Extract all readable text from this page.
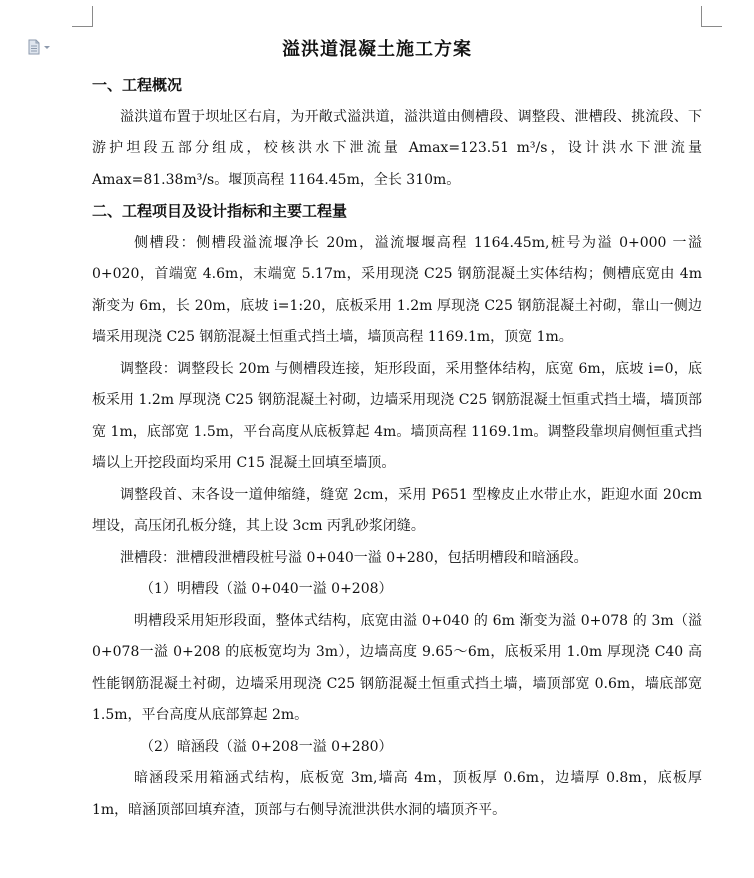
溢洪道混凝土施工方案

一、工程概况

溢洪道布置于坝址区右肩，为开敞式溢洪道，溢洪道由侧槽段、调整段、泄槽段、挑流段、下游护坦段五部分组成，校核洪水下泄流量 Amax=123.51 m³/s，设计洪水下泄流量 Amax=81.38m³/s。堰顶高程 1164.45m，全长 310m。

二、工程项目及设计指标和主要工程量

侧槽段：侧槽段溢流堰净长 20m，溢流堰堰高程 1164.45m,桩号为溢 0+000 一溢 0+020，首端宽 4.6m，末端宽 5.17m，采用现浇 C25 钢筋混凝土实体结构；侧槽底宽由 4m 渐变为 6m，长 20m，底坡 i=1:20，底板采用 1.2m 厚现浇 C25 钢筋混凝土衬砌，靠山一侧边墙采用现浇 C25 钢筋混凝土恒重式挡土墙，墙顶高程 1169.1m，顶宽 1m。

调整段：调整段长 20m 与侧槽段连接，矩形段面，采用整体结构，底宽 6m，底坡 i=0，底板采用 1.2m 厚现浇 C25 钢筋混凝土衬砌，边墙采用现浇 C25 钢筋混凝土恒重式挡土墙，墙顶部宽 1m，底部宽 1.5m，平台高度从底板算起 4m。墙顶高程 1169.1m。调整段靠坝肩侧恒重式挡墙以上开挖段面均采用 C15 混凝土回填至墙顶。

调整段首、末各设一道伸缩缝，缝宽 2cm，采用 P651 型橡皮止水带止水，距迎水面 20cm 埋设，高压闭孔板分缝，其上设 3cm 丙乳砂浆闭缝。

泄槽段：泄槽段泄槽段桩号溢 0+040一溢 0+280，包括明槽段和暗涵段。

（1）明槽段（溢 0+040一溢 0+208）

明槽段采用矩形段面，整体式结构，底宽由溢 0+040 的 6m 渐变为溢 0+078 的 3m（溢 0+078一溢 0+208 的底板宽均为 3m），边墙高度 9.65～6m，底板采用 1.0m 厚现浇 C40 高性能钢筋混凝土衬砌，边墙采用现浇 C25 钢筋混凝土恒重式挡土墙，墙顶部宽 0.6m，墙底部宽 1.5m，平台高度从底部算起 2m。

（2）暗涵段（溢 0+208一溢 0+280）

暗涵段采用箱涵式结构，底板宽 3m,墙高 4m，顶板厚 0.6m，边墙厚 0.8m，底板厚 1m，暗涵顶部回填弃渣，顶部与右侧导流泄洪供水洞的墙顶齐平。
